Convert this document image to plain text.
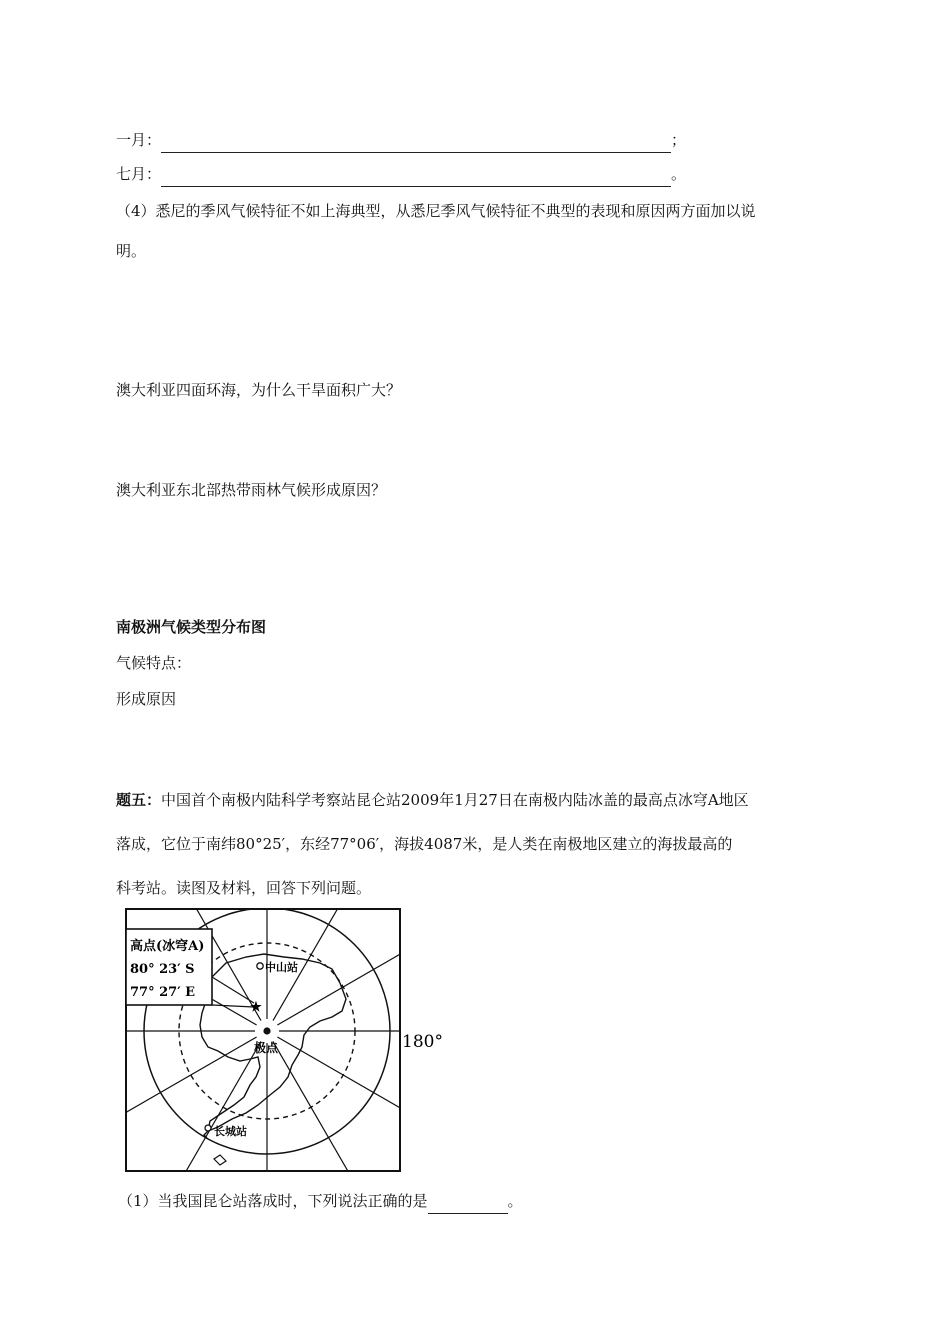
一月：	；
七月：	。
（4）悉尼的季风气候特征不如上海典型，从悉尼季风气候特征不典型的表现和原因两方面加以说
明。
澳大利亚四面环海，为什么干旱面积广大？
澳大利亚东北部热带雨林气候形成原因？
南极洲气候类型分布图
气候特点：
形成原因
题五：中国首个南极内陆科学考察站昆仑站2009年1月27日在南极内陆冰盖的最高点冰穹A地区
落成，它位于南纬80°25′，东经77°06′，海拔4087米，是人类在南极地区建立的海拔最高的
科考站。读图及材料，回答下列问题。
高点(冰穹A)
80° 23′ S
77° 27′ E
★
中山站
极点
长城站
180°
（1）当我国昆仑站落成时，下列说法正确的是	。
